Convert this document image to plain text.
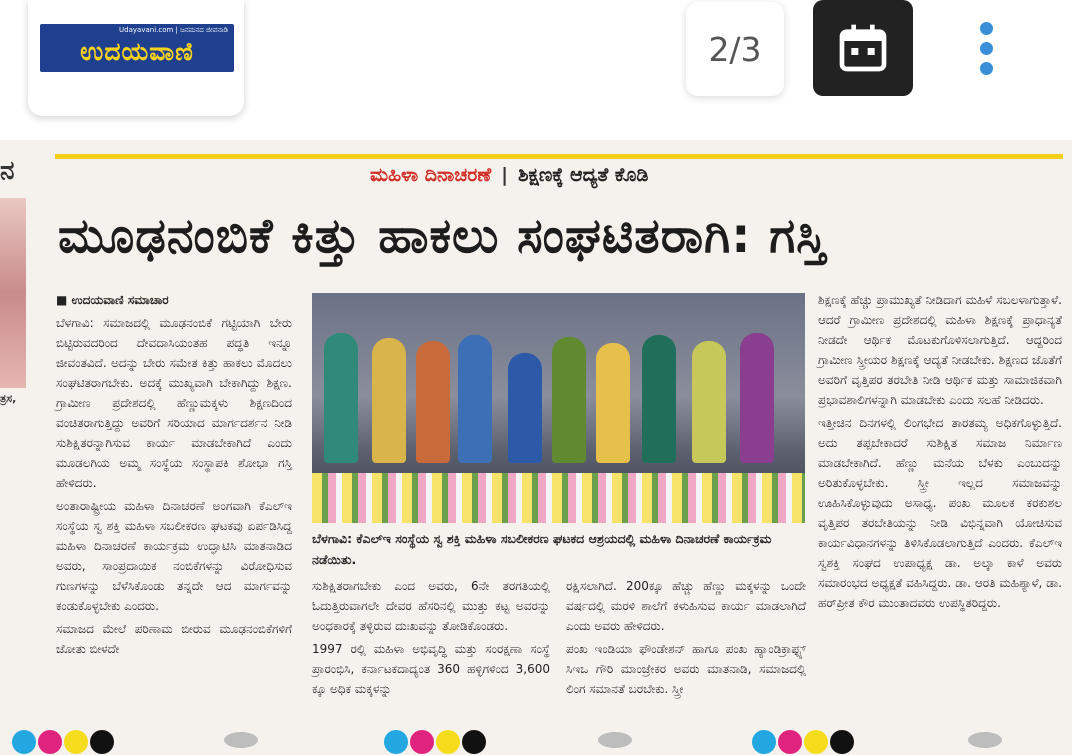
Udayavani.com | ಜನಮನದ ಜೀವನಾಡಿ
ಉದಯವಾಣಿ	2/3
ನ
ತ್ರಸ,
ಮಹಿಳಾ ದಿನಾಚರಣೆ | ಶಿಕ್ಷಣಕ್ಕೆ ಆದ್ಯತೆ ಕೊಡಿ
ಮೂಢನಂಬಿಕೆ ಕಿತ್ತು ಹಾಕಲು ಸಂಘಟಿತರಾಗಿ: ಗಸ್ತಿ

■ ಉದಯವಾಣಿ ಸಮಾಚಾರ

ಬೆಳಗಾವಿ: ಸಮಾಜದಲ್ಲಿ ಮೂಢನಂಬಿಕೆ ಗಟ್ಟಿಯಾಗಿ ಬೇರು ಬಿಟ್ಟಿರುವದರಿಂದ ದೇವದಾಸಿಯಂತಹ ಪದ್ಧತಿ ಇನ್ನೂ ಜೀವಂತವಿದೆ. ಅದನ್ನು ಬೇರು ಸಮೇತ ಕಿತ್ತು ಹಾಕಲು ಮೊದಲು ಸಂಘಟಿತರಾಗಬೇಕು. ಅದಕ್ಕೆ ಮುಖ್ಯವಾಗಿ ಬೇಕಾಗಿದ್ದು ಶಿಕ್ಷಣ. ಗ್ರಾಮೀಣ ಪ್ರದೇಶದಲ್ಲಿ ಹೆಣ್ಣುಮಕ್ಕಳು ಶಿಕ್ಷಣದಿಂದ ವಂಚಿತರಾಗುತ್ತಿದ್ದು ಅವರಿಗೆ ಸರಿಯಾದ ಮಾರ್ಗದರ್ಶನ ನೀಡಿ ಸುಶಿಕ್ಷಿತರನ್ನಾಗಿಸುವ ಕಾರ್ಯ ಮಾಡಬೇಕಾಗಿದೆ ಎಂದು ಮೂಡಲಗಿಯ ಅಮ್ಮ ಸಂಸ್ಥೆಯ ಸಂಸ್ಥಾಪಕಿ ಶೋಭಾ ಗಸ್ತಿ ಹೇಳಿದರು.

ಅಂತಾರಾಷ್ಟ್ರೀಯ ಮಹಿಳಾ ದಿನಾಚರಣೆ ಅಂಗವಾಗಿ ಕೆಎಲ್‌ಇ ಸಂಸ್ಥೆಯ ಸ್ವ ಶಕ್ತಿ ಮಹಿಳಾ ಸಬಲೀಕರಣ ಘಟಕವು ಏರ್ಪಡಿಸಿದ್ದ ಮಹಿಳಾ ದಿನಾಚರಣೆ ಕಾರ್ಯಕ್ರಮ ಉದ್ಘಾಟಿಸಿ ಮಾತನಾಡಿದ ಅವರು, ಸಾಂಪ್ರದಾಯಿಕ ನಂಬಿಕೆಗಳನ್ನು ವಿರೋಧಿಸುವ ಗುಣಗಳನ್ನು ಬೆಳೆಸಿಕೊಂಡು ತನ್ನದೇ ಆದ ಮಾರ್ಗವನ್ನು ಕಂಡುಕೊಳ್ಳಬೇಕು ಎಂದರು.

ಸಮಾಜದ ಮೇಲೆ ಪರಿಣಾಮ ಬೀರುವ ಮೂಢನಂಬಿಕೆಗಳಿಗೆ ಜೋತು ಬೀಳದೇ

ಬೆಳಗಾವಿ: ಕೆಎಲ್‌ಇ ಸಂಸ್ಥೆಯ ಸ್ವ ಶಕ್ತಿ ಮಹಿಳಾ ಸಬಲೀಕರಣ ಘಟಕದ ಆಶ್ರಯದಲ್ಲಿ ಮಹಿಳಾ ದಿನಾಚರಣೆ ಕಾರ್ಯಕ್ರಮ ನಡೆಯಿತು.

ಸುಶಿಕ್ಷಿತರಾಗಬೇಕು ಎಂದ ಅವರು, 6ನೇ ತರಗತಿಯಲ್ಲಿ ಓದುತ್ತಿರುವಾಗಲೇ ದೇವರ ಹೆಸರಿನಲ್ಲಿ ಮುತ್ತು ಕಟ್ಟ ಅವರನ್ನು ಅಂಧಕಾರಕ್ಕೆ ತಳ್ಳಿರುವ ದುಃಖವನ್ನು ತೋಡಿಕೊಂಡರು.

1997 ರಲ್ಲಿ ಮಹಿಳಾ ಅಭಿವೃದ್ಧಿ ಮತ್ತು ಸಂರಕ್ಷಣಾ ಸಂಸ್ಥೆ ಪ್ರಾರಂಭಿಸಿ, ಕರ್ನಾಟಕದಾದ್ಯಂತ 360 ಹಳ್ಳಿಗಳಿಂದ 3,600 ಕ್ಕೂ ಅಧಿಕ ಮಕ್ಕಳನ್ನು

ರಕ್ಷಿಸಲಾಗಿದೆ. 200ಕ್ಕೂ ಹೆಚ್ಚು ಹೆಣ್ಣು ಮಕ್ಕಳನ್ನು ಒಂದೇ ವರ್ಷದಲ್ಲಿ ಮರಳಿ ಶಾಲೆಗೆ ಕಳುಹಿಸುವ ಕಾರ್ಯ ಮಾಡಲಾಗಿದೆ ಎಂದು ಅವರು ಹೇಳಿದರು.

ಪಂಖ ಇಂಡಿಯಾ ಫೌಂಡೇಶನ್ ಹಾಗೂ ಪಂಖ ಹ್ಯಾಂಡಿಕ್ರಾಫ್ಟ್ಸ್ ಸಿಇಒ ಗೌರಿ ಮಾಂಜ್ರೇಕರ ಅವರು ಮಾತನಾಡಿ, ಸಮಾಜದಲ್ಲಿ ಲಿಂಗ ಸಮಾನತೆ ಬರಬೇಕು. ಸ್ತ್ರೀ

ಶಿಕ್ಷಣಕ್ಕೆ ಹೆಚ್ಚು ಪ್ರಾಮುಖ್ಯತೆ ನೀಡಿದಾಗ ಮಹಿಳೆ ಸಬಲಳಾಗುತ್ತಾಳೆ. ಆದರೆ ಗ್ರಾಮೀಣ ಪ್ರದೇಶದಲ್ಲಿ ಮಹಿಳಾ ಶಿಕ್ಷಣಕ್ಕೆ ಪ್ರಾಧಾನ್ಯತೆ ನೀಡದೇ ಆರ್ಥಿಕ ಮೊಟಕುಗೊಳಿಸಲಾಗುತ್ತಿದೆ. ಆದ್ದರಿಂದ ಗ್ರಾಮೀಣ ಸ್ತ್ರೀಯರ ಶಿಕ್ಷಣಕ್ಕೆ ಆದ್ಯತೆ ನೀಡಬೇಕು. ಶಿಕ್ಷಣದ ಜೊತೆಗೆ ಅವರಿಗೆ ವೃತ್ತಿಪರ ತರಬೇತಿ ನೀಡಿ ಆರ್ಥಿಕ ಮತ್ತು ಸಾಮಾಜಿಕವಾಗಿ ಪ್ರಭಾವಶಾಲಿಗಳನ್ನಾಗಿ ಮಾಡಬೇಕು ಎಂದು ಸಲಹೆ ನೀಡಿದರು.

ಇತ್ತೀಚಿನ ದಿನಗಳಲ್ಲಿ ಲಿಂಗಭೇದ ತಾರತಮ್ಯ ಅಧಿಕಗೊಳ್ಳುತ್ತಿದೆ. ಅದು ತಪ್ಪಬೇಕಾದರೆ ಸುಶಿಕ್ಷಿತ ಸಮಾಜ ನಿರ್ಮಾಣ ಮಾಡಬೇಕಾಗಿದೆ. ಹೆಣ್ಣು ಮನೆಯ ಬೆಳಕು ಎಂಬುದನ್ನು ಅರಿತುಕೊಳ್ಳಬೇಕು. ಸ್ತ್ರೀ ಇಲ್ಲದ ಸಮಾಜವನ್ನು ಊಹಿಸಿಕೊಳ್ಳುವುದು ಅಸಾಧ್ಯ. ಪಂಖ ಮೂಲಕ ಕರಕುಶಲ ವೃತ್ತಿಪರ ತರಬೇತಿಯನ್ನು ನೀಡಿ ವಿಭಿನ್ನವಾಗಿ ಯೋಚಿಸುವ ಕಾರ್ಯವಿಧಾನಗಳನ್ನು ತಿಳಿಸಿಕೊಡಲಾಗುತ್ತಿದೆ ಎಂದರು. ಕೆಎಲ್‌ಇ ಸ್ವಶಕ್ತಿ ಸಂಘದ ಉಪಾಧ್ಯಕ್ಷ ಡಾ. ಅಲ್ಕಾ ಕಾಳೆ ಅವರು ಸಮಾರಂಭದ ಅಧ್ಯಕ್ಷತೆ ವಹಿಸಿದ್ದರು. ಡಾ. ಆರತಿ ಮಹಿಶ್ಯಾಳೆ, ಡಾ. ಹರ್‌ಪ್ರೀತ ಕೌರ ಮುಂತಾದವರು ಉಪಸ್ಥಿತರಿದ್ದರು.
